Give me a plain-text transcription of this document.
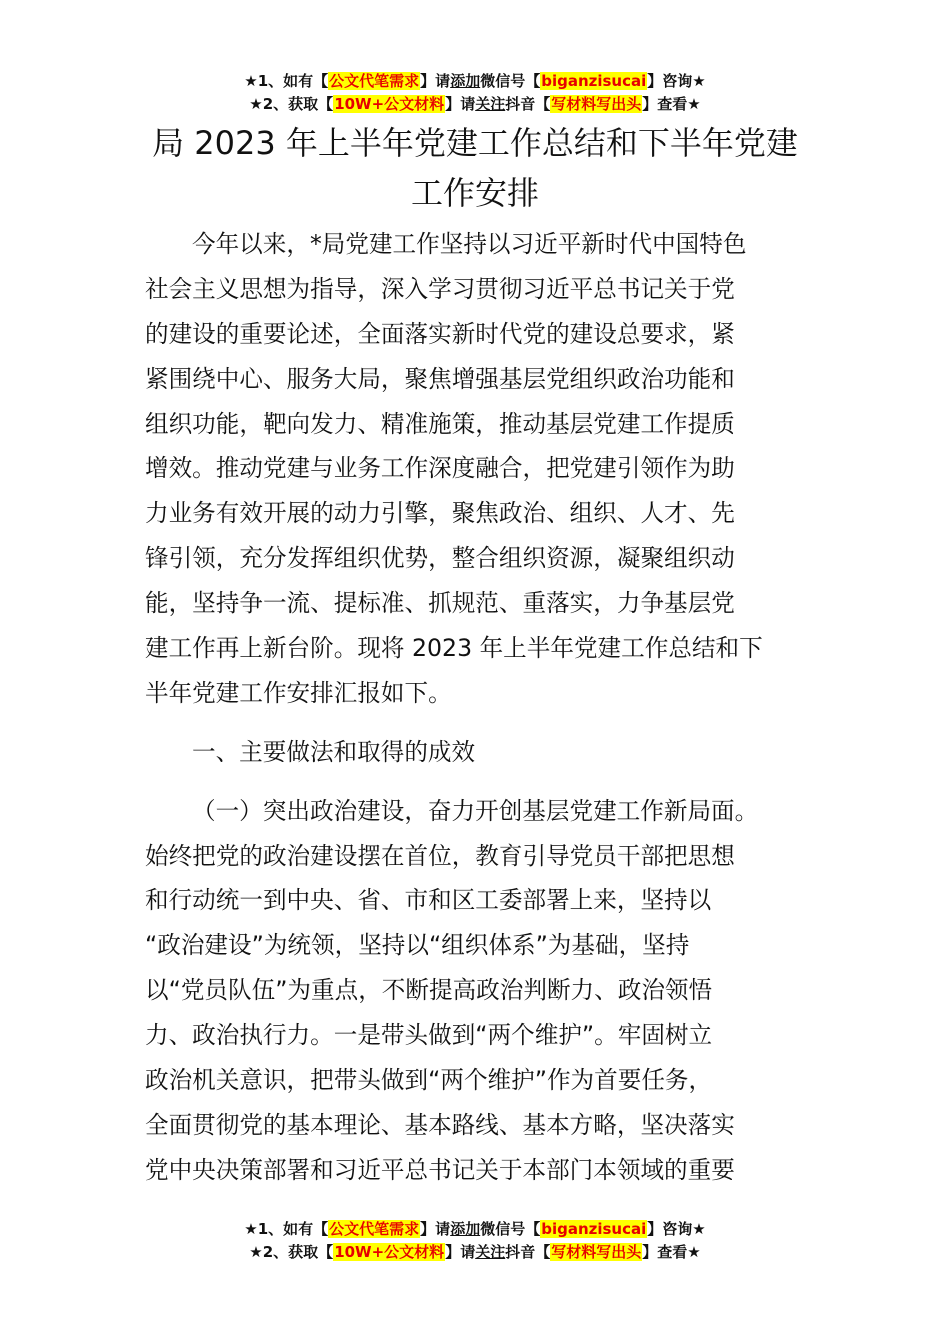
★1、如有【公文代笔需求】请添加微信号【biganzisucai】咨询★
★2、获取【10W+公文材料】请关注抖音【写材料写出头】查看★
局 2023 年上半年党建工作总结和下半年党建
工作安排
今年以来，*局党建工作坚持以习近平新时代中国特色
社会主义思想为指导，深入学习贯彻习近平总书记关于党
的建设的重要论述，全面落实新时代党的建设总要求，紧
紧围绕中心、服务大局，聚焦增强基层党组织政治功能和
组织功能，靶向发力、精准施策，推动基层党建工作提质
增效。推动党建与业务工作深度融合，把党建引领作为助
力业务有效开展的动力引擎，聚焦政治、组织、人才、先
锋引领，充分发挥组织优势，整合组织资源，凝聚组织动
能，坚持争一流、提标准、抓规范、重落实，力争基层党
建工作再上新台阶。现将 2023 年上半年党建工作总结和下
半年党建工作安排汇报如下。
一、主要做法和取得的成效
（一）突出政治建设，奋力开创基层党建工作新局面。
始终把党的政治建设摆在首位，教育引导党员干部把思想
和行动统一到中央、省、市和区工委部署上来，坚持以
“政治建设”为统领，坚持以“组织体系”为基础，坚持
以“党员队伍”为重点，不断提高政治判断力、政治领悟
力、政治执行力。一是带头做到“两个维护”。牢固树立
政治机关意识，把带头做到“两个维护”作为首要任务，
全面贯彻党的基本理论、基本路线、基本方略，坚决落实
党中央决策部署和习近平总书记关于本部门本领域的重要
★1、如有【公文代笔需求】请添加微信号【biganzisucai】咨询★
★2、获取【10W+公文材料】请关注抖音【写材料写出头】查看★
